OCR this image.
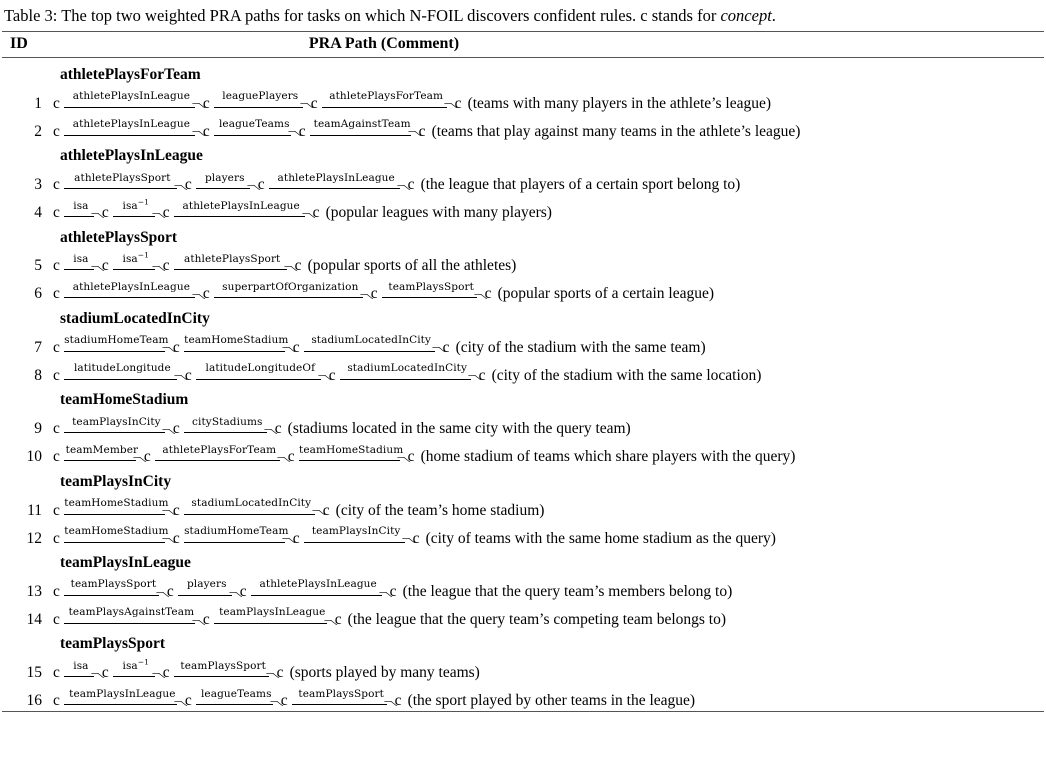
Table 3: The top two weighted PRA paths for tasks on which N-FOIL discovers confident rules. c stands for concept.
ID	PRA Path (Comment)
athletePlaysForTeam
1 c athletePlaysInLeague c leaguePlayers c athletePlaysForTeam c (teams with many players in the athlete’s league)
2 c athletePlaysInLeague c leagueTeams c teamAgainstTeam c (teams that play against many teams in the athlete’s league)
athletePlaysInLeague
3 c athletePlaysSport c players c athletePlaysInLeague c (the league that players of a certain sport belong to)
4 c isa c isa$^{-1}$
c athletePlaysInLeague c (popular leagues with many players)
athletePlaysSport
5 c isa c isa$^{-1}$
c athletePlaysSport c (popular sports of all the athletes)
6 c athletePlaysInLeague c superpartOfOrganization c teamPlaysSport c (popular sports of a certain league)
stadiumLocatedInCity
7 c stadiumHomeTeam c teamHomeStadium c stadiumLocatedInCity c (city of the stadium with the same team)
8 c latitudeLongitude c latitudeLongitudeOf c stadiumLocatedInCity c (city of the stadium with the same location)
teamHomeStadium
9 c teamPlaysInCity c cityStadiums c (stadiums located in the same city with the query team)
10 c teamMember c athletePlaysForTeam c teamHomeStadium c (home stadium of teams which share players with the query)
teamPlaysInCity
11 c teamHomeStadium c stadiumLocatedInCity c (city of the team’s home stadium)
12 c teamHomeStadium c stadiumHomeTeam c teamPlaysInCity c (city of teams with the same home stadium as the query)
teamPlaysInLeague
13 c teamPlaysSport c players c athletePlaysInLeague c (the league that the query team’s members belong to)
14 c teamPlaysAgainstTeam c teamPlaysInLeague c (the league that the query team’s competing team belongs to)
teamPlaysSport
15 c isa c isa$^{-1}$
c teamPlaysSport c (sports played by many teams)
16 c teamPlaysInLeague c leagueTeams c teamPlaysSport c (the sport played by other teams in the league)
